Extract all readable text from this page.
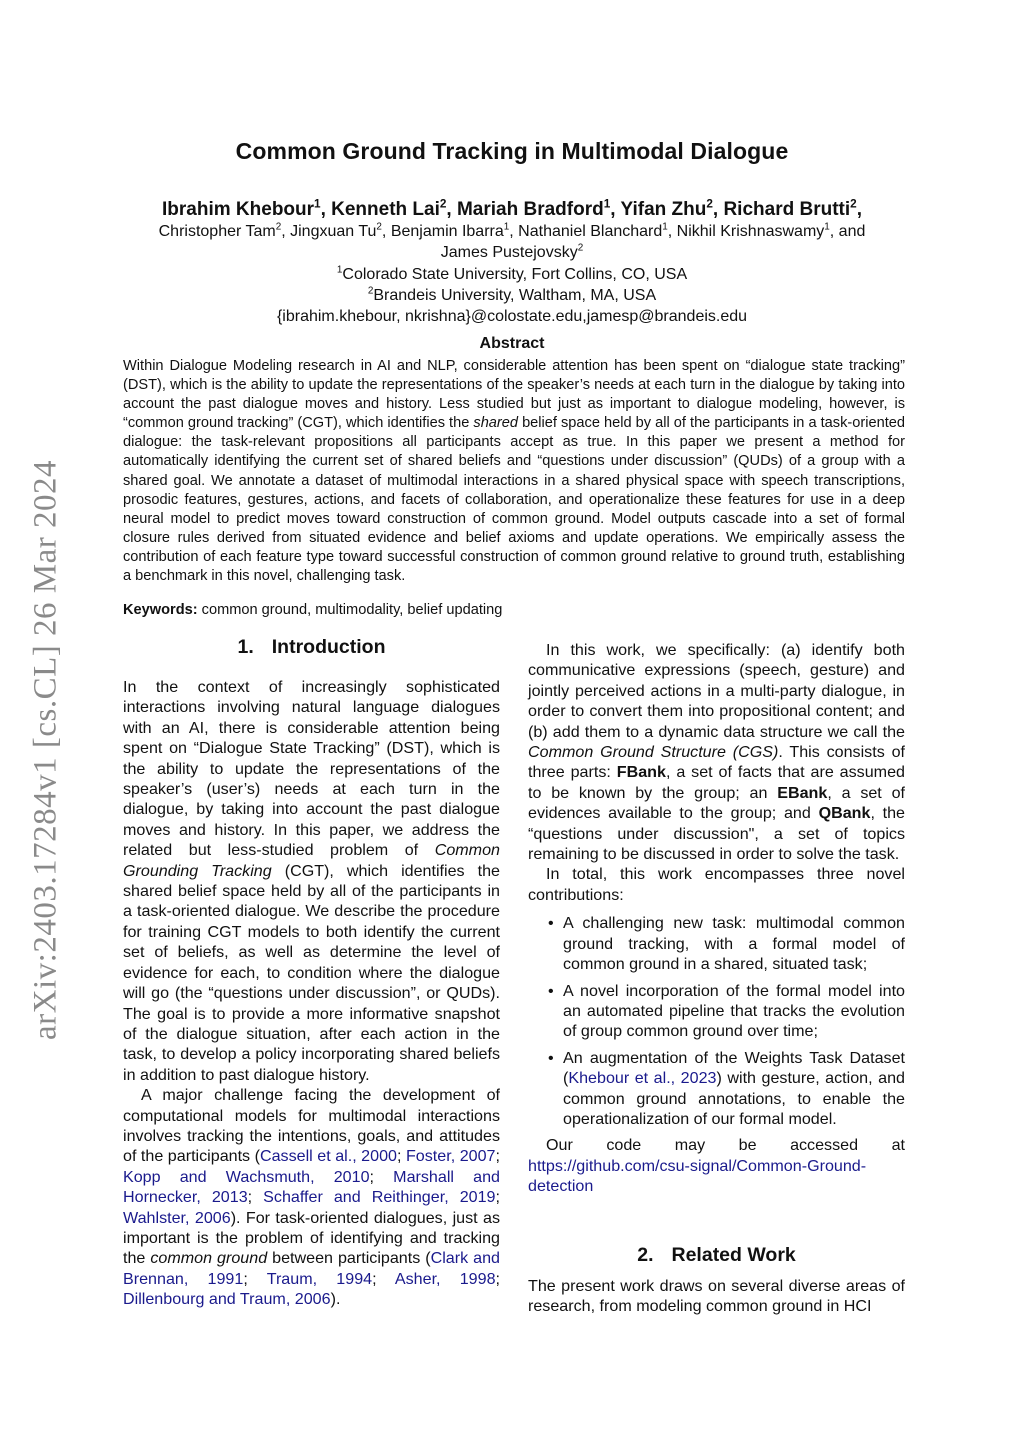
arXiv:2403.17284v1 [cs.CL] 26 Mar 2024
Common Ground Tracking in Multimodal Dialogue
Ibrahim Khebour$^1$, Kenneth Lai$^2$, Mariah Bradford$^1$, Yifan Zhu$^2$, Richard Brutti$^2$,
Christopher Tam$^2$, Jingxuan Tu$^2$, Benjamin Ibarra$^1$, Nathaniel Blanchard$^1$, Nikhil Krishnaswamy$^1$, and
James Pustejovsky$^2$
$^1$Colorado State University, Fort Collins, CO, USA
$^2$Brandeis University, Waltham, MA, USA
{ibrahim.khebour, nkrishna}@colostate.edu,jamesp@brandeis.edu
Abstract
Within Dialogue Modeling research in AI and NLP, considerable attention has been spent on “dialogue state tracking” (DST), which is the ability to update the representations of the speaker’s needs at each turn in the dialogue by taking into account the past dialogue moves and history. Less studied but just as important to dialogue modeling, however, is “common ground tracking” (CGT), which identifies the shared belief space held by all of the participants in a task-oriented dialogue: the task-relevant propositions all participants accept as true. In this paper we present a method for automatically identifying the current set of shared beliefs and “questions under discussion” (QUDs) of a group with a shared goal. We annotate a dataset of multimodal interactions in a shared physical space with speech transcriptions, prosodic features, gestures, actions, and facets of collaboration, and operationalize these features for use in a deep neural model to predict moves toward construction of common ground. Model outputs cascade into a set of formal closure rules derived from situated evidence and belief axioms and update operations. We empirically assess the contribution of each feature type toward successful construction of common ground relative to ground truth, establishing a benchmark in this novel, challenging task.
Keywords: common ground, multimodality, belief updating
1. Introduction

In the context of increasingly sophisticated interactions involving natural language dialogues with an AI, there is considerable attention being spent on “Dialogue State Tracking” (DST), which is the ability to update the representations of the speaker’s (user’s) needs at each turn in the dialogue, by taking into account the past dialogue moves and history. In this paper, we address the related but less-studied problem of Common Grounding Tracking (CGT), which identifies the shared belief space held by all of the participants in a task-oriented dialogue. We describe the procedure for training CGT models to both identify the current set of beliefs, as well as determine the level of evidence for each, to condition where the dialogue will go (the “questions under discussion”, or QUDs). The goal is to provide a more informative snapshot of the dialogue situation, after each action in the task, to develop a policy incorporating shared beliefs in addition to past dialogue history.

A major challenge facing the development of computational models for multimodal interactions involves tracking the intentions, goals, and attitudes of the participants (Cassell et al., 2000; Foster, 2007; Kopp and Wachsmuth, 2010; Marshall and Hornecker, 2013; Schaffer and Reithinger, 2019; Wahlster, 2006). For task-oriented dialogues, just as important is the problem of identifying and tracking the common ground between participants (Clark and Brennan, 1991; Traum, 1994; Asher, 1998; Dillenbourg and Traum, 2006).

In this work, we specifically: (a) identify both communicative expressions (speech, gesture) and jointly perceived actions in a multi-party dialogue, in order to convert them into propositional content; and (b) add them to a dynamic data structure we call the Common Ground Structure (CGS). This consists of three parts: FBank, a set of facts that are assumed to be known by the group; an EBank, a set of evidences available to the group; and QBank, the “questions under discussion", a set of topics remaining to be discussed in order to solve the task.

In total, this work encompasses three novel contributions:

• A challenging new task: multimodal common ground tracking, with a formal model of common ground in a shared, situated task;
• A novel incorporation of the formal model into an automated pipeline that tracks the evolution of group common ground over time;
• An augmentation of the Weights Task Dataset (Khebour et al., 2023) with gesture, action, and common ground annotations, to enable the operationalization of our formal model.
Our code may be accessed at
https://github.com/csu-signal/Common-Ground-
detection
2. Related Work

The present work draws on several diverse areas of research, from modeling common ground in HCI
